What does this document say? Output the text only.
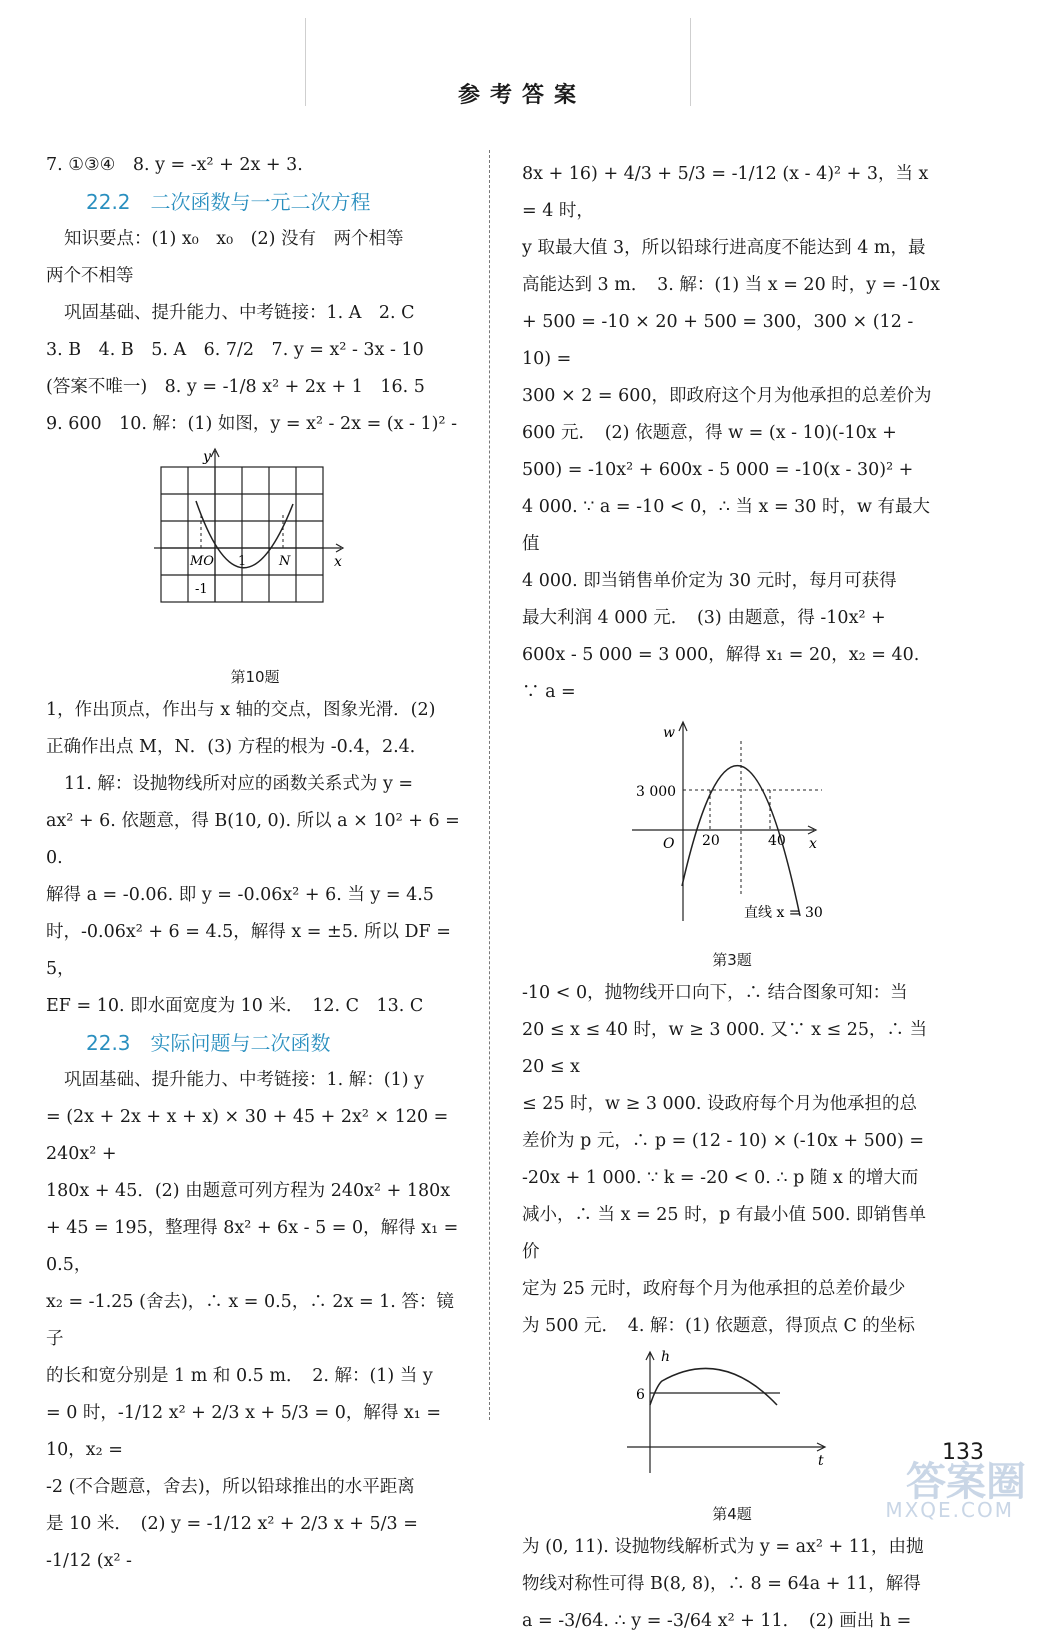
参考答案

7. ①③④　8. y = -x² + 2x + 3.

22.2　二次函数与一元二次方程

知识要点：(1) x₀　x₀　(2) 没有　两个相等

两个不相等

巩固基础、提升能力、中考链接：1. A　2. C

3. B　4. B　5. A　6. 7/2　7. y = x² - 3x - 10

(答案不唯一)　8. y = -1/8 x² + 2x + 1　16. 5

9. 600　10. 解：(1) 如图，y = x² - 2x = (x - 1)² -

y
x
MO 1	N
-1

第10题

1，作出顶点，作出与 x 轴的交点，图象光滑．(2)

正确作出点 M，N．(3) 方程的根为 -0.4，2.4．

11. 解：设抛物线所对应的函数关系式为 y =

ax² + 6. 依题意，得 B(10, 0). 所以 a × 10² + 6 = 0.

解得 a = -0.06. 即 y = -0.06x² + 6. 当 y = 4.5

时，-0.06x² + 6 = 4.5，解得 x = ±5. 所以 DF = 5，

EF = 10. 即水面宽度为 10 米．　12. C　13. C

22.3　实际问题与二次函数

巩固基础、提升能力、中考链接：1. 解：(1) y

= (2x + 2x + x + x) × 30 + 45 + 2x² × 120 = 240x² +

180x + 45．(2) 由题意可列方程为 240x² + 180x

+ 45 = 195，整理得 8x² + 6x - 5 = 0，解得 x₁ = 0.5，

x₂ = -1.25 (舍去)，∴ x = 0.5，∴ 2x = 1. 答：镜子

的长和宽分别是 1 m 和 0.5 m．　2. 解：(1) 当 y

= 0 时，-1/12 x² + 2/3 x + 5/3 = 0，解得 x₁ = 10，x₂ =

-2 (不合题意，舍去)，所以铅球推出的水平距离

是 10 米．　(2) y = -1/12 x² + 2/3 x + 5/3 = -1/12 (x² -

8x + 16) + 4/3 + 5/3 = -1/12 (x - 4)² + 3，当 x = 4 时，

y 取最大值 3，所以铅球行进高度不能达到 4 m，最

高能达到 3 m．　3. 解：(1) 当 x = 20 时，y = -10x

+ 500 = -10 × 20 + 500 = 300，300 × (12 - 10) =

300 × 2 = 600，即政府这个月为他承担的总差价为

600 元．　(2) 依题意，得 w = (x - 10)(-10x +

500) = -10x² + 600x - 5 000 = -10(x - 30)² +

4 000. ∵ a = -10 < 0，∴ 当 x = 30 时，w 有最大值

4 000. 即当销售单价定为 30 元时，每月可获得

最大利润 4 000 元．　(3) 由题意，得 -10x² +

600x - 5 000 = 3 000，解得 x₁ = 20，x₂ = 40. ∵ a =

w
3 000
O 20	40 x
直线 x = 30

第3题

-10 < 0，抛物线开口向下，∴ 结合图象可知：当

20 ≤ x ≤ 40 时，w ≥ 3 000. 又∵ x ≤ 25，∴ 当 20 ≤ x

≤ 25 时，w ≥ 3 000. 设政府每个月为他承担的总

差价为 p 元，∴ p = (12 - 10) × (-10x + 500) =

-20x + 1 000. ∵ k = -20 < 0. ∴ p 随 x 的增大而

减小，∴ 当 x = 25 时，p 有最小值 500. 即销售单价

定为 25 元时，政府每个月为他承担的总差价最少

为 500 元．　4. 解：(1) 依题意，得顶点 C 的坐标

h
6
t

第4题

为 (0, 11). 设抛物线解析式为 y = ax² + 11，由抛

物线对称性可得 B(8, 8)，∴ 8 = 64a + 11，解得

a = -3/64. ∴ y = -3/64 x² + 11．　(2) 画出 h =

133
答案圈
MXQE.COM
